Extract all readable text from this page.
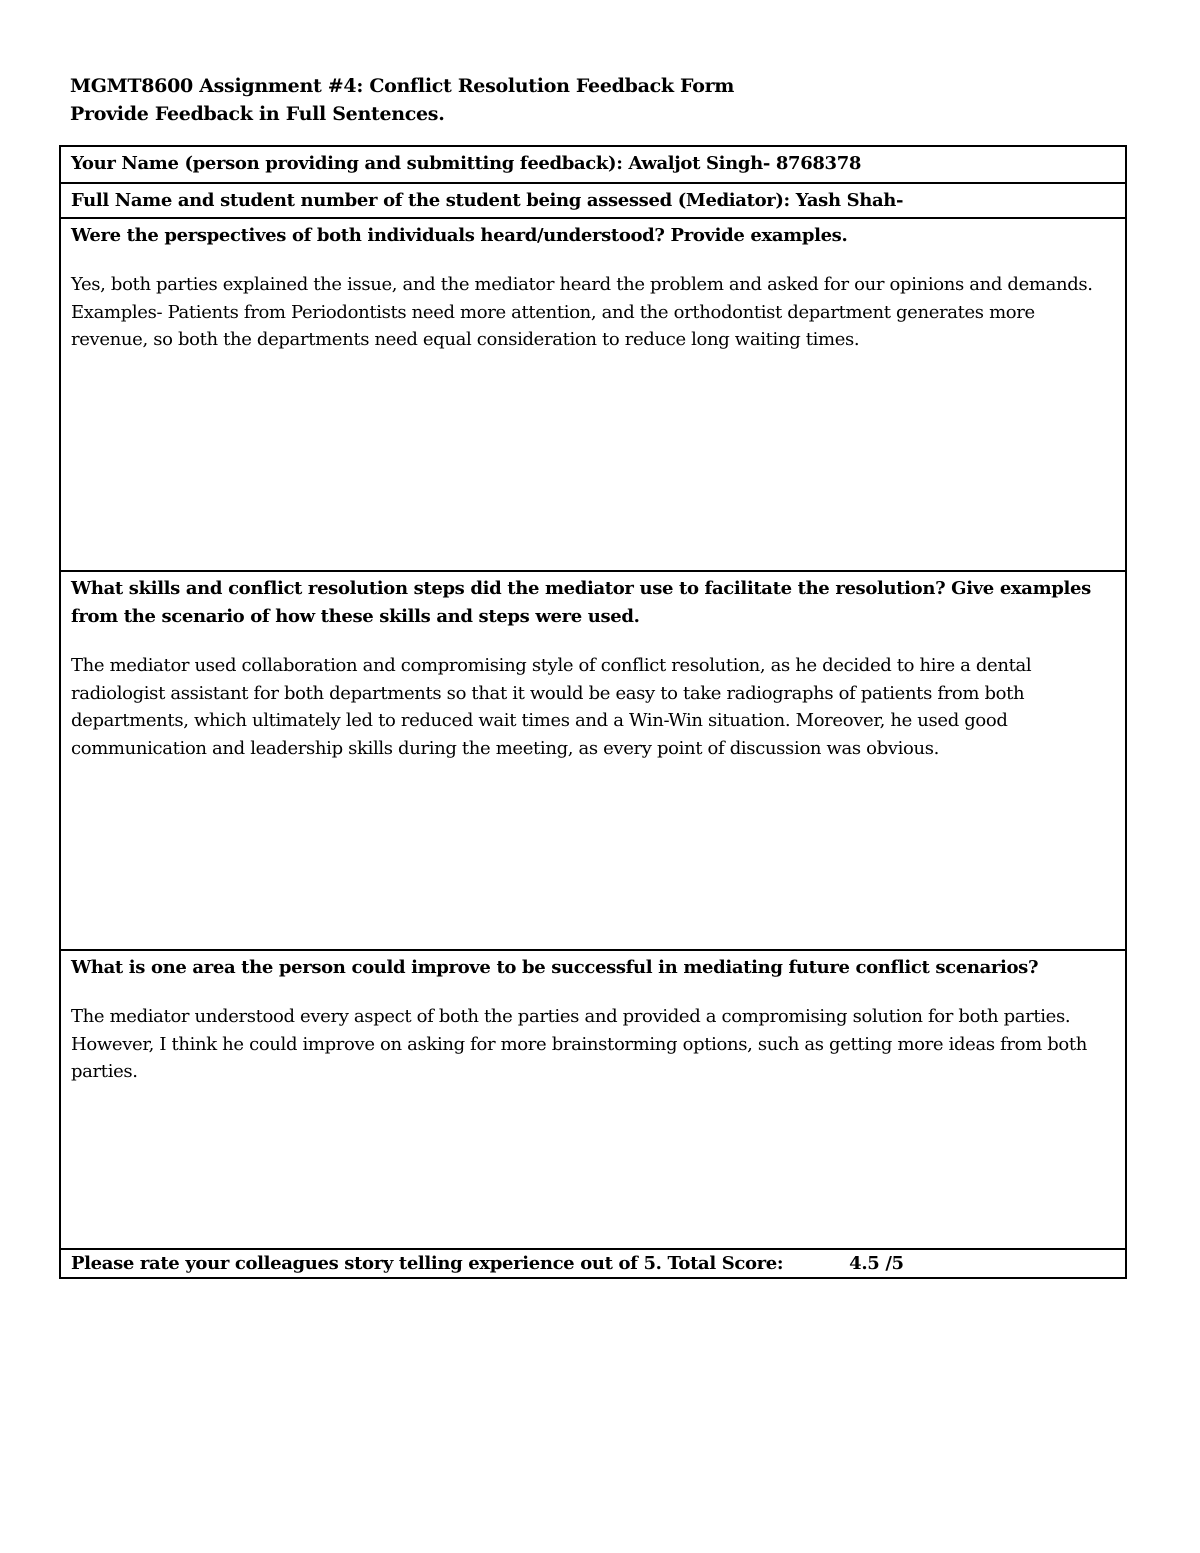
MGMT8600 Assignment #4: Conflict Resolution Feedback Form
Provide Feedback in Full Sentences.
Your Name (person providing and submitting feedback): Awaljot Singh- 8768378
Full Name and student number of the student being assessed (Mediator): Yash Shah-
Were the perspectives of both individuals heard/understood? Provide examples.
Yes, both parties explained the issue, and the mediator heard the problem and asked for our opinions and demands. Examples- Patients from Periodontists need more attention, and the orthodontist department generates more revenue, so both the departments need equal consideration to reduce long waiting times.
What skills and conflict resolution steps did the mediator use to facilitate the resolution? Give examples from the scenario of how these skills and steps were used.
The mediator used collaboration and compromising style of conflict resolution, as he decided to hire a dental radiologist assistant for both departments so that it would be easy to take radiographs of patients from both departments, which ultimately led to reduced wait times and a Win-Win situation. Moreover, he used good communication and leadership skills during the meeting, as every point of discussion was obvious.
What is one area the person could improve to be successful in mediating future conflict scenarios?
The mediator understood every aspect of both the parties and provided a compromising solution for both parties. However, I think he could improve on asking for more brainstorming options, such as getting more ideas from both parties.
Please rate your colleagues story telling experience out of 5. Total Score:	4.5 /5
